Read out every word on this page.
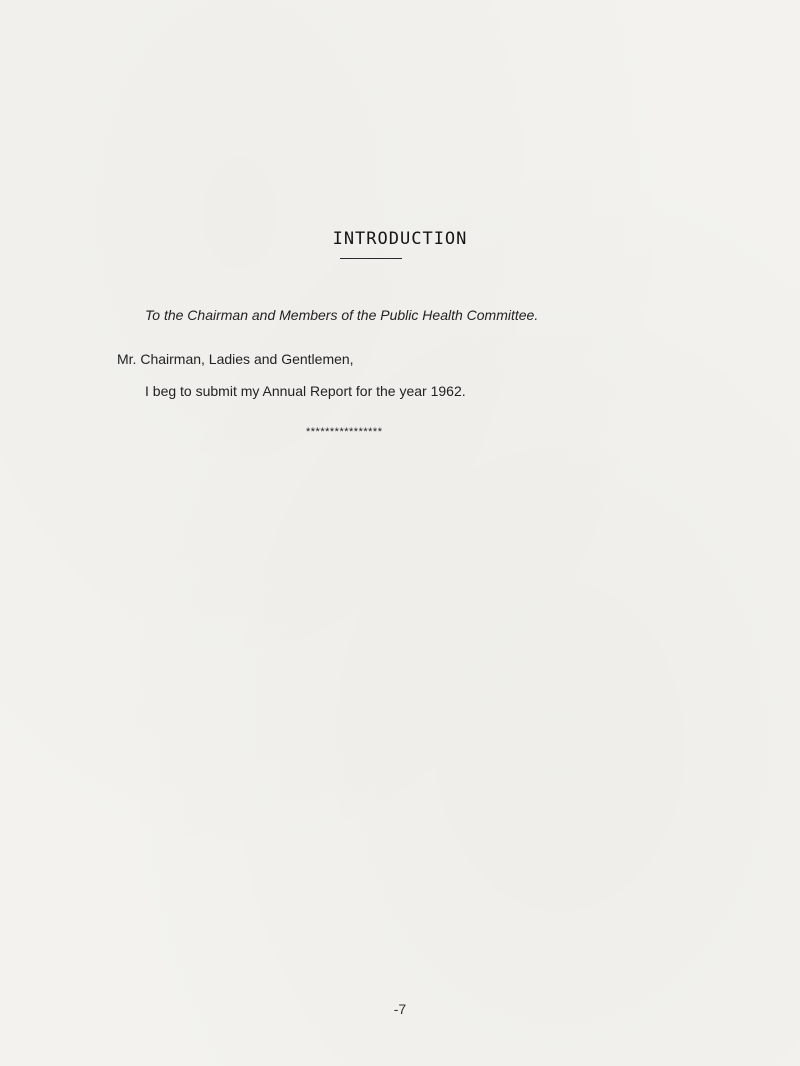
INTRODUCTION
To the Chairman and Members of the Public Health Committee.
Mr. Chairman, Ladies and Gentlemen,
I beg to submit my Annual Report for the year 1962.
****************
-7
